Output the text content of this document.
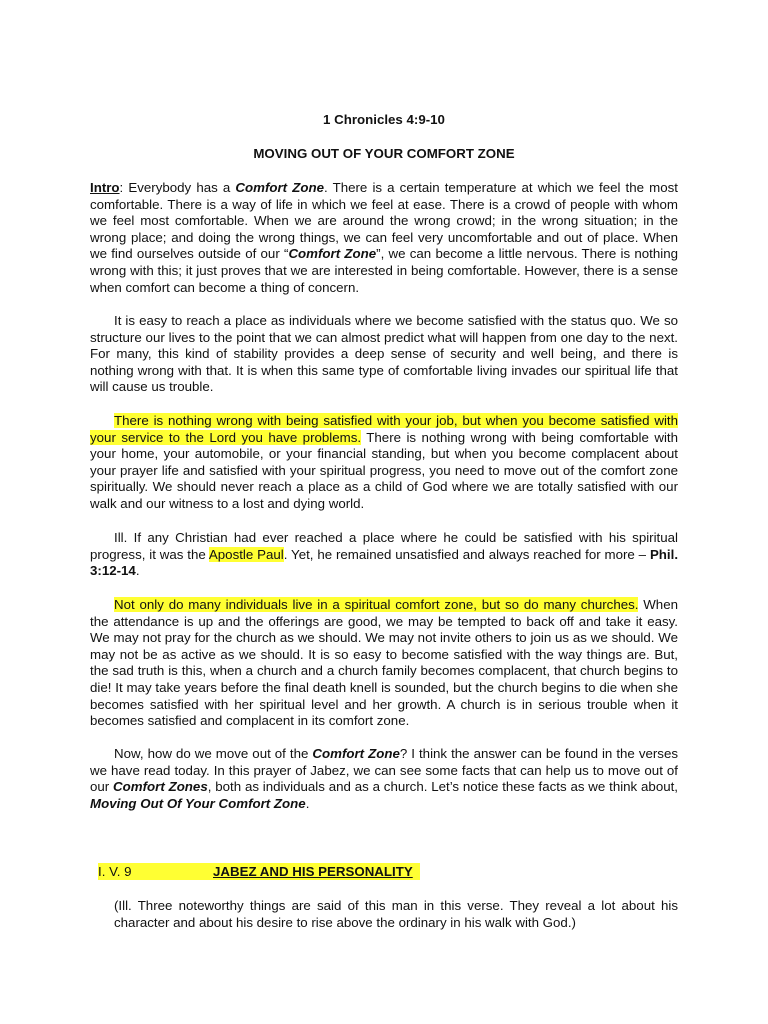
1 Chronicles 4:9-10
MOVING OUT OF YOUR COMFORT ZONE
Intro: Everybody has a Comfort Zone. There is a certain temperature at which we feel the most comfortable. There is a way of life in which we feel at ease. There is a crowd of people with whom we feel most comfortable. When we are around the wrong crowd; in the wrong situation; in the wrong place; and doing the wrong things, we can feel very uncomfortable and out of place. When we find ourselves outside of our “Comfort Zone”, we can become a little nervous. There is nothing wrong with this; it just proves that we are interested in being comfortable. However, there is a sense when comfort can become a thing of concern.
It is easy to reach a place as individuals where we become satisfied with the status quo. We so structure our lives to the point that we can almost predict what will happen from one day to the next. For many, this kind of stability provides a deep sense of security and well being, and there is nothing wrong with that. It is when this same type of comfortable living invades our spiritual life that will cause us trouble.
There is nothing wrong with being satisfied with your job, but when you become satisfied with your service to the Lord you have problems. There is nothing wrong with being comfortable with your home, your automobile, or your financial standing, but when you become complacent about your prayer life and satisfied with your spiritual progress, you need to move out of the comfort zone spiritually. We should never reach a place as a child of God where we are totally satisfied with our walk and our witness to a lost and dying world.
Ill. If any Christian had ever reached a place where he could be satisfied with his spiritual progress, it was the Apostle Paul. Yet, he remained unsatisfied and always reached for more – Phil. 3:12-14.
Not only do many individuals live in a spiritual comfort zone, but so do many churches. When the attendance is up and the offerings are good, we may be tempted to back off and take it easy. We may not pray for the church as we should. We may not invite others to join us as we should. We may not be as active as we should. It is so easy to become satisfied with the way things are. But, the sad truth is this, when a church and a church family becomes complacent, that church begins to die! It may take years before the final death knell is sounded, but the church begins to die when she becomes satisfied with her spiritual level and her growth. A church is in serious trouble when it becomes satisfied and complacent in its comfort zone.
Now, how do we move out of the Comfort Zone? I think the answer can be found in the verses we have read today. In this prayer of Jabez, we can see some facts that can help us to move out of our Comfort Zones, both as individuals and as a church. Let’s notice these facts as we think about, Moving Out Of Your Comfort Zone.
I. V. 9	JABEZ AND HIS PERSONALITY
(Ill. Three noteworthy things are said of this man in this verse. They reveal a lot about his character and about his desire to rise above the ordinary in his walk with God.)
